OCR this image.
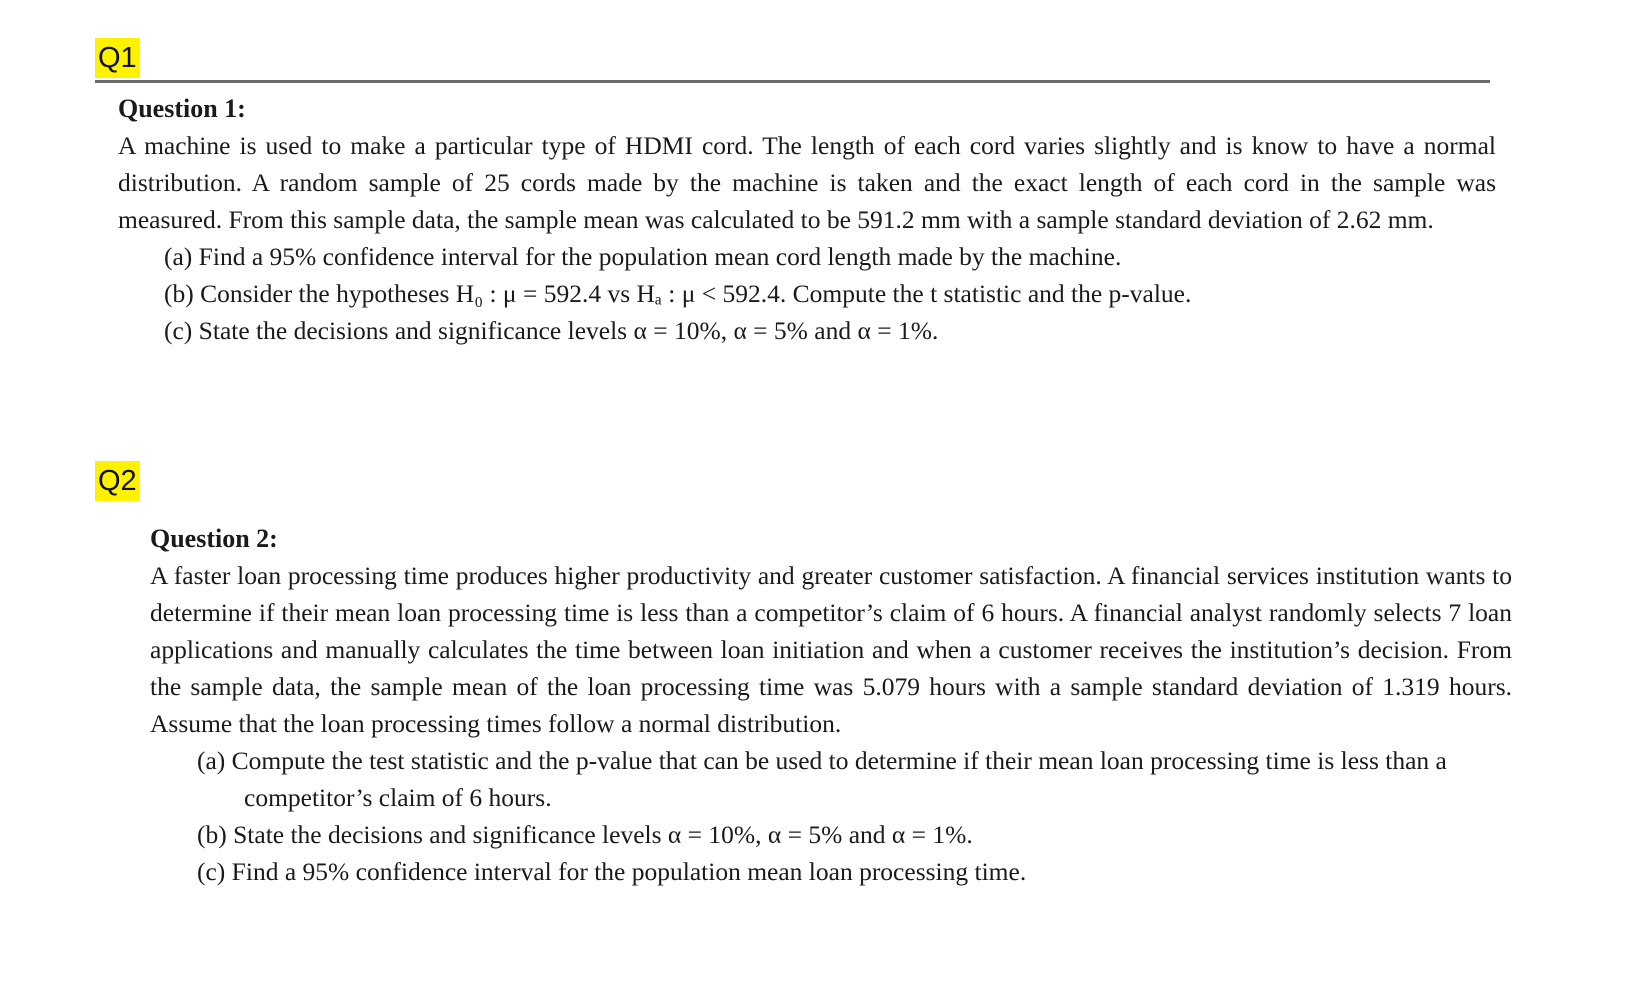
Q1

Question 1:

A machine is used to make a particular type of HDMI cord. The length of each cord varies slightly and is know to have a normal distribution. A random sample of 25 cords made by the machine is taken and the exact length of each cord in the sample was measured. From this sample data, the sample mean was calculated to be 591.2 mm with a sample standard deviation of 2.62 mm.

(a) Find a 95% confidence interval for the population mean cord length made by the machine.
(b) Consider the hypotheses H₀ : μ = 592.4 vs Hₐ : μ < 592.4. Compute the t statistic and the p-value.
(c) State the decisions and significance levels α = 10%, α = 5% and α = 1%.
Q2

Question 2:

A faster loan processing time produces higher productivity and greater customer satisfaction. A financial services institution wants to determine if their mean loan processing time is less than a competitor’s claim of 6 hours. A financial analyst randomly selects 7 loan applications and manually calculates the time between loan initiation and when a customer receives the institution’s decision. From the sample data, the sample mean of the loan processing time was 5.079 hours with a sample standard deviation of 1.319 hours. Assume that the loan processing times follow a normal distribution.

(a) Compute the test statistic and the p-value that can be used to determine if their mean loan processing time is less than a competitor’s claim of 6 hours.
(b) State the decisions and significance levels α = 10%, α = 5% and α = 1%.
(c) Find a 95% confidence interval for the population mean loan processing time.
